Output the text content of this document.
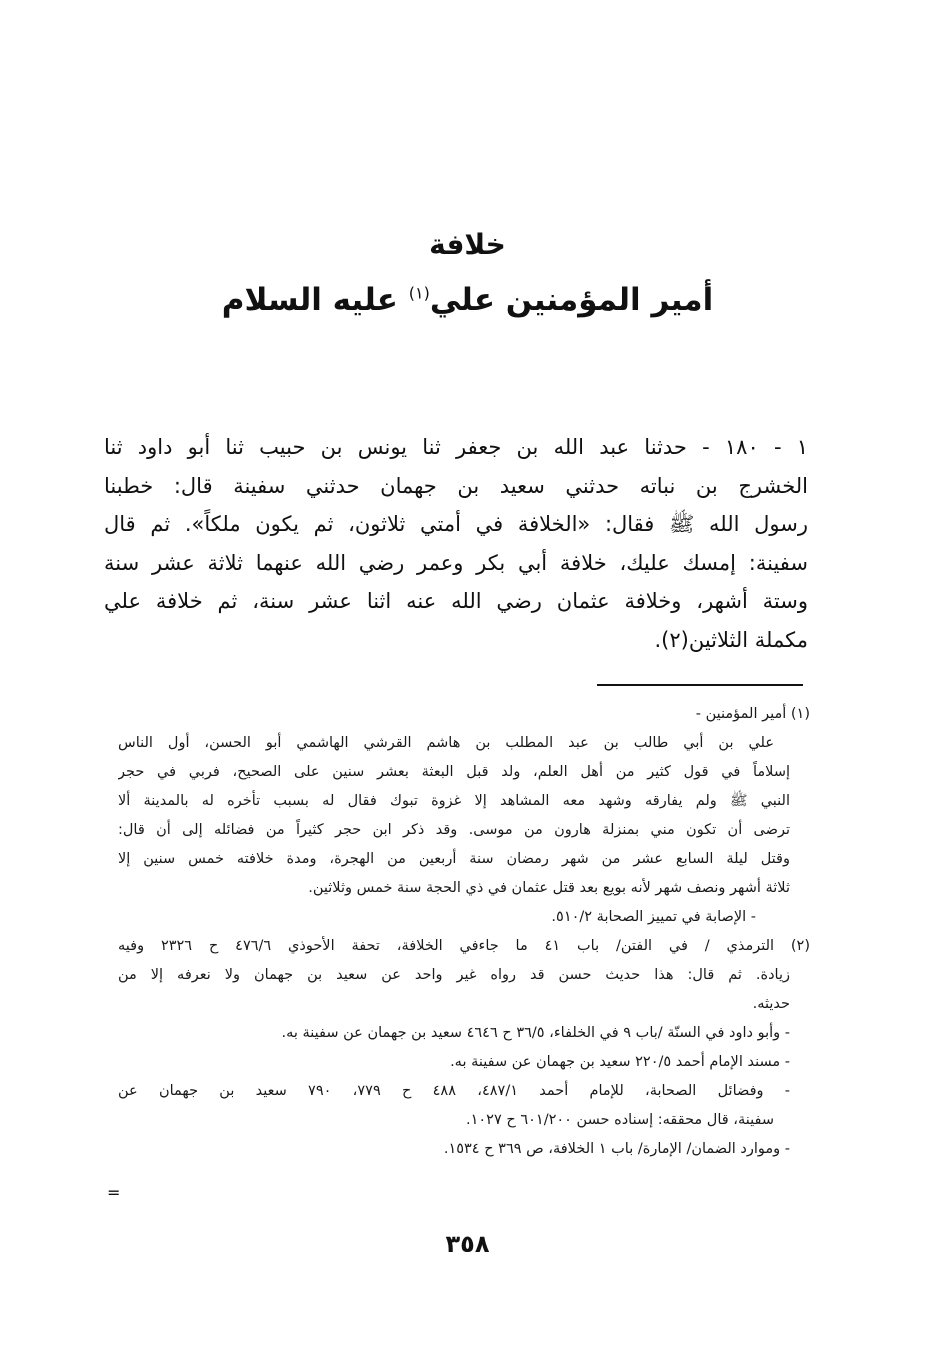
خلافة
أمير المؤمنين علي$^{(١)}$ عليه السلام
١ - ١٨٠ - حدثنا عبد الله بن جعفر ثنا يونس بن حبيب ثنا أبو داود ثنا
الخشرج بن نباته حدثني سعيد بن جهمان حدثني سفينة قال: خطبنا
رسول الله ﷺ فقال: «الخلافة في أمتي ثلاثون، ثم يكون ملكاً». ثم قال
سفينة: إمسك عليك، خلافة أبي بكر وعمر رضي الله عنهما ثلاثة عشر سنة
وستة أشهر، وخلافة عثمان رضي الله عنه اثنا عشر سنة، ثم خلافة علي
مكملة الثلاثين(٢).
(١) أمير المؤمنين -
علي بن أبي طالب بن عبد المطلب بن هاشم القرشي الهاشمي أبو الحسن، أول الناس
إسلاماً في قول كثير من أهل العلم، ولد قبل البعثة بعشر سنين على الصحيح، فربي في حجر
النبي ﷺ ولم يفارقه وشهد معه المشاهد إلا غزوة تبوك فقال له بسبب تأخره له بالمدينة ألا
ترضى أن تكون مني بمنزلة هارون من موسى. وقد ذكر ابن حجر كثيراً من فضائله إلى أن قال:
وقتل ليلة السابع عشر من شهر رمضان سنة أربعين من الهجرة، ومدة خلافته خمس سنين إلا
ثلاثة أشهر ونصف شهر لأنه بويع بعد قتل عثمان في ذي الحجة سنة خمس وثلاثين.
- الإصابة في تمييز الصحابة ٥١٠/٢.
(٢) الترمذي / في الفتن/ باب ٤١ ما جاءفي الخلافة، تحفة الأحوذي ٤٧٦/٦ ح ٢٣٢٦ وفيه
زيادة. ثم قال: هذا حديث حسن قد رواه غير واحد عن سعيد بن جهمان ولا نعرفه إلا من
حديثه.
- وأبو داود في السنّة /باب ٩ في الخلفاء، ٣٦/٥ ح ٤٦٤٦ سعيد بن جهمان عن سفينة به.
- مسند الإمام أحمد ٢٢٠/٥ سعيد بن جهمان عن سفينة به.
- وفضائل الصحابة، للإمام أحمد ٤٨٧/١، ٤٨٨ ح ٧٧٩، ٧٩٠ سعيد بن جهمان عن
سفينة، قال محققه: إسناده حسن ٦٠١/٢٠٠ ح ١٠٢٧.
- وموارد الضمان/ الإمارة/ باب ١ الخلافة، ص ٣٦٩ ح ١٥٣٤.
=
٣٥٨
